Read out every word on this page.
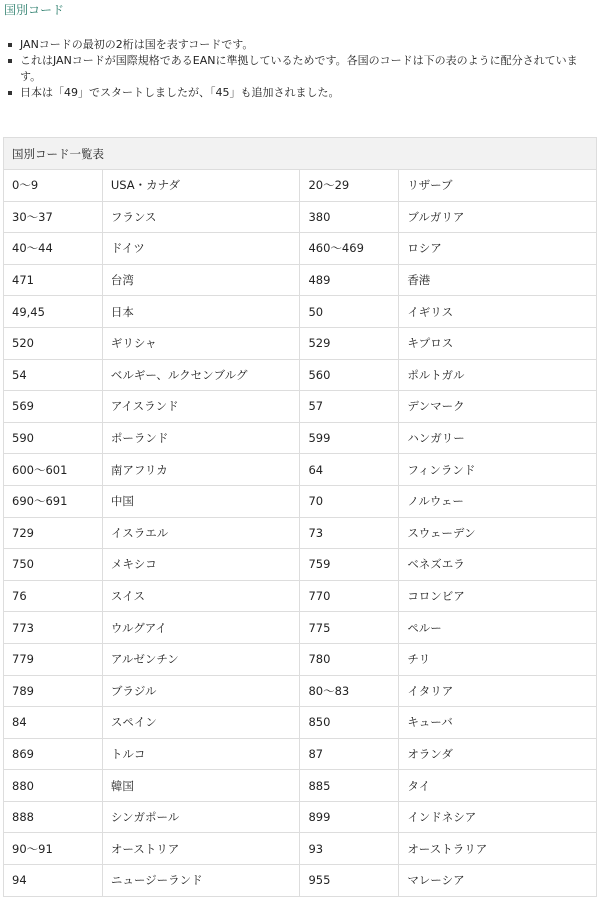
国別コード
JANコードの最初の2桁は国を表すコードです。
これはJANコードが国際規格であるEANに準拠しているためです。各国のコードは下の表のように配分されています。
日本は「49」でスタートしましたが、「45」も追加されました。
国別コード一覧表			
0〜9	USA・カナダ	20〜29	リザーブ
30〜37	フランス	380	ブルガリア
40〜44	ドイツ	460〜469	ロシア
471	台湾	489	香港
49,45	日本	50	イギリス
520	ギリシャ	529	キプロス
54	ベルギー、ルクセンブルグ	560	ポルトガル
569	アイスランド	57	デンマーク
590	ポーランド	599	ハンガリー
600〜601	南アフリカ	64	フィンランド
690〜691	中国	70	ノルウェー
729	イスラエル	73	スウェーデン
750	メキシコ	759	ベネズエラ
76	スイス	770	コロンビア
773	ウルグアイ	775	ペルー
779	アルゼンチン	780	チリ
789	ブラジル	80〜83	イタリア
84	スペイン	850	キューバ
869	トルコ	87	オランダ
880	韓国	885	タイ
888	シンガポール	899	インドネシア
90〜91	オーストリア	93	オーストラリア
94	ニュージーランド	955	マレーシア
